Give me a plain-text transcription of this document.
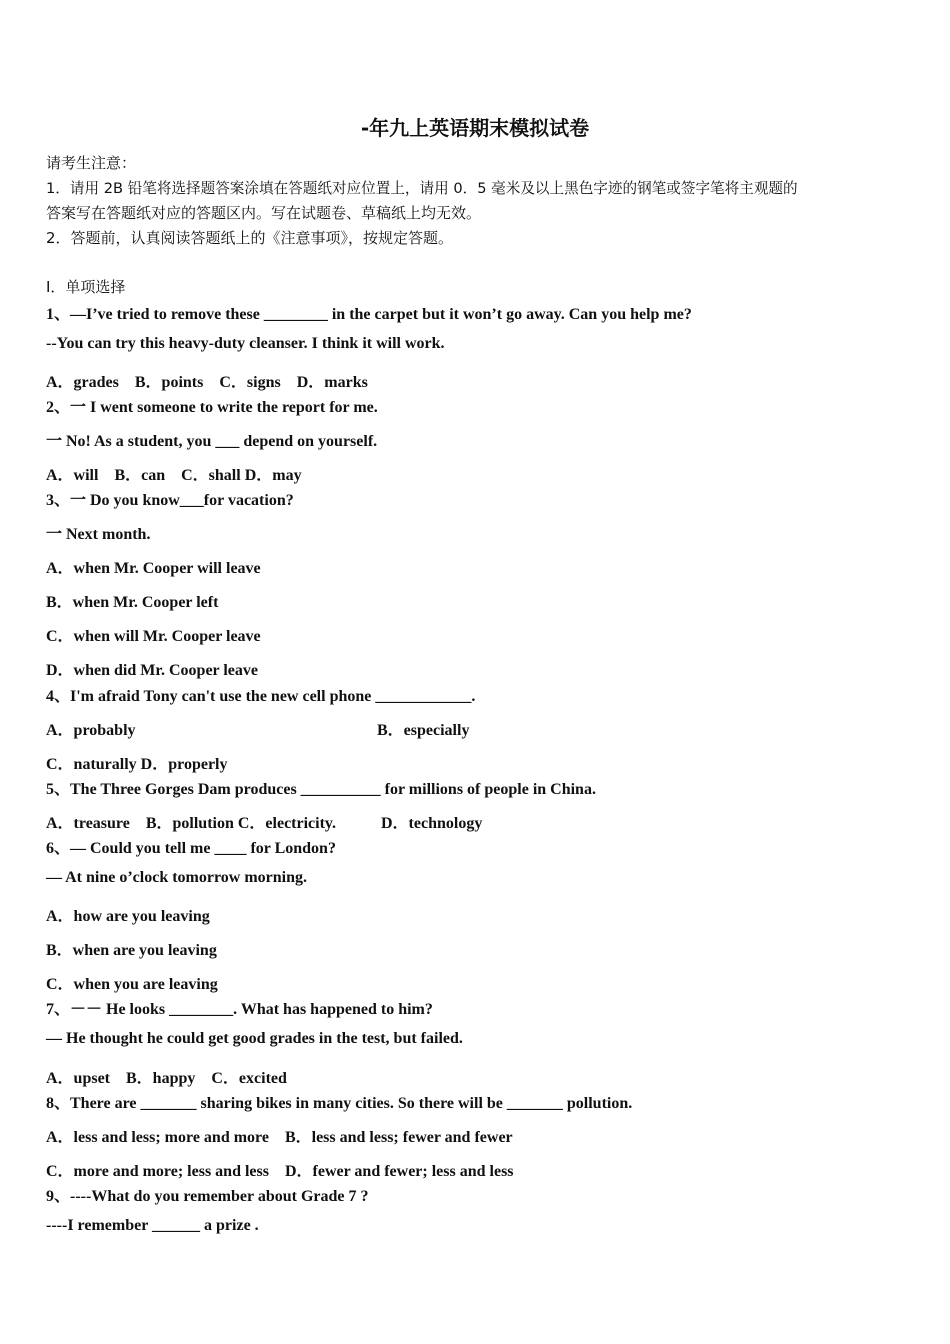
-年九上英语期末模拟试卷
请考生注意：
1．请用 2B 铅笔将选择题答案涂填在答题纸对应位置上，请用 0．5 毫米及以上黑色字迹的钢笔或签字笔将主观题的
答案写在答题纸对应的答题区内。写在试题卷、草稿纸上均无效。
2．答题前，认真阅读答题纸上的《注意事项》，按规定答题。
Ⅰ．单项选择
1、—I’ve tried to remove these ________ in the carpet but it won’t go away. Can you help me?
--You can try this heavy-duty cleanser. I think it will work.
A．grades　B．points　C．signs　D．marks
2、一 I went someone to write the report for me.
一 No! As a student, you ___ depend on yourself.
A．will　B．can　C．shall D．may
3、一 Do you know___for vacation?
一 Next month.
A．when Mr. Cooper will leave
B．when Mr. Cooper left
C．when will Mr. Cooper leave
D．when did Mr. Cooper leave
4、I'm afraid Tony can't use the new cell phone ____________.
A．probably	B．especially
C．naturally D．properly
5、The Three Gorges Dam produces __________ for millions of people in China.
A．treasure　B．pollution C．electricity.	D．technology
6、— Could you tell me ____ for London?
— At nine o’clock tomorrow morning.
A．how are you leaving
B．when are you leaving
C．when you are leaving
7、－－ He looks ________. What has happened to him?
— He thought he could get good grades in the test, but failed.
A．upset　B．happy　C．excited
8、There are _______ sharing bikes in many cities. So there will be _______ pollution.
A．less and less; more and more　B．less and less; fewer and fewer
C．more and more; less and less　D．fewer and fewer; less and less
9、----What do you remember about Grade 7 ?
----I remember ______ a prize .
